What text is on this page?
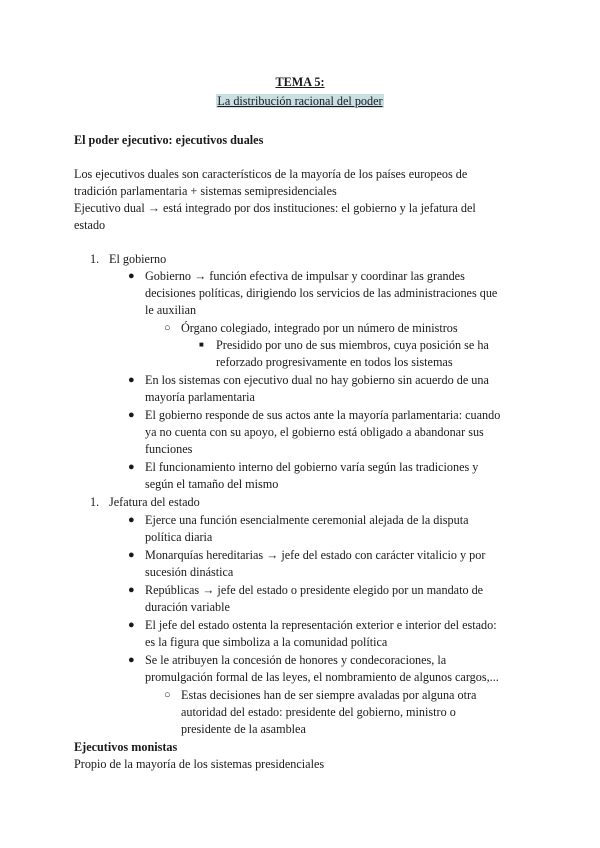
TEMA 5:
La distribución racional del poder
El poder ejecutivo: ejecutivos duales
Los ejecutivos duales son característicos de la mayoría de los países europeos de
tradición parlamentaria + sistemas semipresidenciales
Ejecutivo dual → está integrado por dos instituciones: el gobierno y la jefatura del
estado
1. El gobierno
● Gobierno → función efectiva de impulsar y coordinar las grandes
decisiones políticas, dirigiendo los servicios de las administraciones que
le auxilian
○ Órgano colegiado, integrado por un número de ministros
■ Presidido por uno de sus miembros, cuya posición se ha
reforzado progresivamente en todos los sistemas
● En los sistemas con ejecutivo dual no hay gobierno sin acuerdo de una
mayoría parlamentaria
● El gobierno responde de sus actos ante la mayoría parlamentaria: cuando
ya no cuenta con su apoyo, el gobierno está obligado a abandonar sus
funciones
● El funcionamiento interno del gobierno varía según las tradiciones y
según el tamaño del mismo
1. Jefatura del estado
● Ejerce una función esencialmente ceremonial alejada de la disputa
política diaria
● Monarquías hereditarias → jefe del estado con carácter vitalicio y por
sucesión dinástica
● Repúblicas → jefe del estado o presidente elegido por un mandato de
duración variable
● El jefe del estado ostenta la representación exterior e interior del estado:
es la figura que simboliza a la comunidad política
● Se le atribuyen la concesión de honores y condecoraciones, la
promulgación formal de las leyes, el nombramiento de algunos cargos,...
○ Estas decisiones han de ser siempre avaladas por alguna otra
autoridad del estado: presidente del gobierno, ministro o
presidente de la asamblea
Ejecutivos monistas
Propio de la mayoría de los sistemas presidenciales
